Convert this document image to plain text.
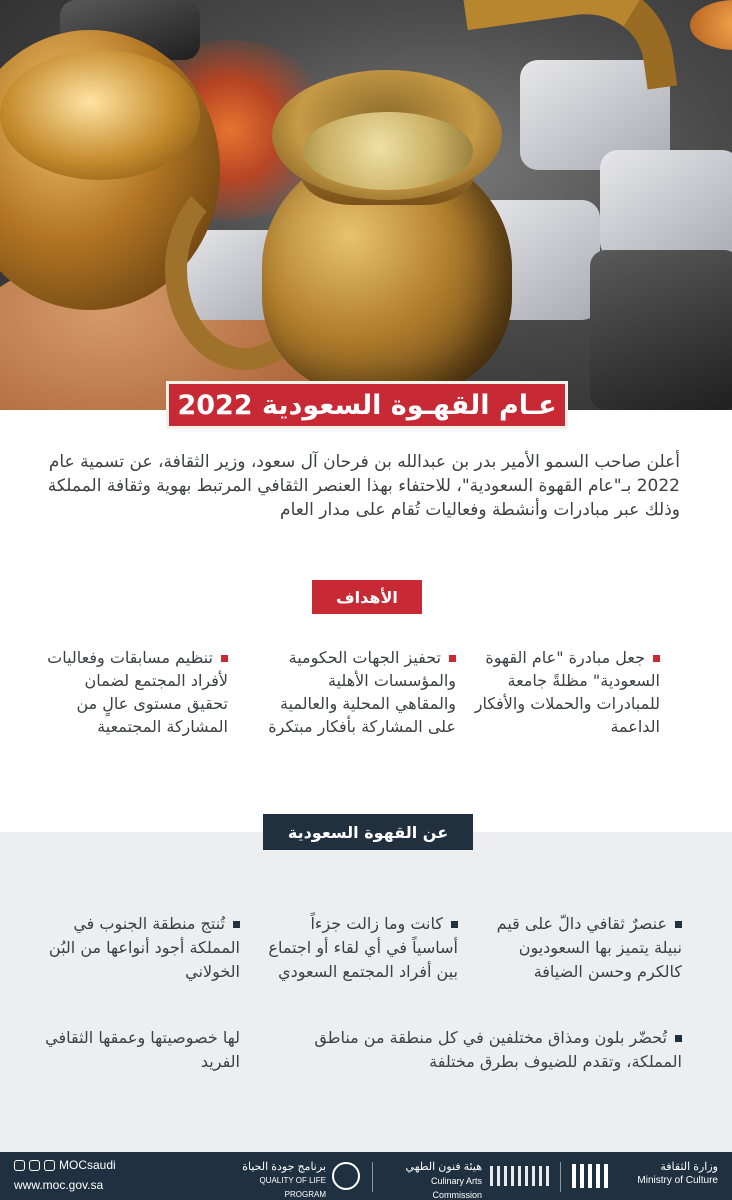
عـام القهـوة السعودية 2022

أعلن صاحب السمو الأمير بدر بن عبدالله بن فرحان آل سعود، وزير الثقافة، عن تسمية عام 2022 بـ"عام القهوة السعودية"، للاحتفاء بهذا العنصر الثقافي المرتبط بهوية وثقافة المملكة وذلك عبر مبادرات وأنشطة وفعاليات تُقام على مدار العام

الأهداف
جعل مبادرة "عام القهوة السعودية" مظلةً جامعة للمبادرات والحملات والأفكار الداعمة
تحفيز الجهات الحكومية والمؤسسات الأهلية والمقاهي المحلية والعالمية على المشاركة بأفكار مبتكرة
تنظيم مسابقات وفعاليات لأفراد المجتمع لضمان تحقيق مستوى عالٍ من المشاركة المجتمعية
عن القهوة السعودية
عنصرٌ ثقافي دالّ على قيم نبيلة يتميز بها السعوديون كالكرم وحسن الضيافة
كانت وما زالت جزءاً أساسياً في أي لقاء أو اجتماع بين أفراد المجتمع السعودي
تُنتج منطقة الجنوب في المملكة أجود أنواعها من البُن الخولاني
تُحضّر بلون ومذاق مختلفين في كل منطقة من مناطق المملكة، وتقدم للضيوف بطرق مختلفة
لها خصوصيتها وعمقها الثقافي الفريد
MOCsaudi
www.moc.gov.sa
برنامج جودة الحياة
QUALITY OF LIFE PROGRAM
هيئة فنون الطهي
Culinary Arts Commission
وزارة الثقافة
Ministry of Culture
